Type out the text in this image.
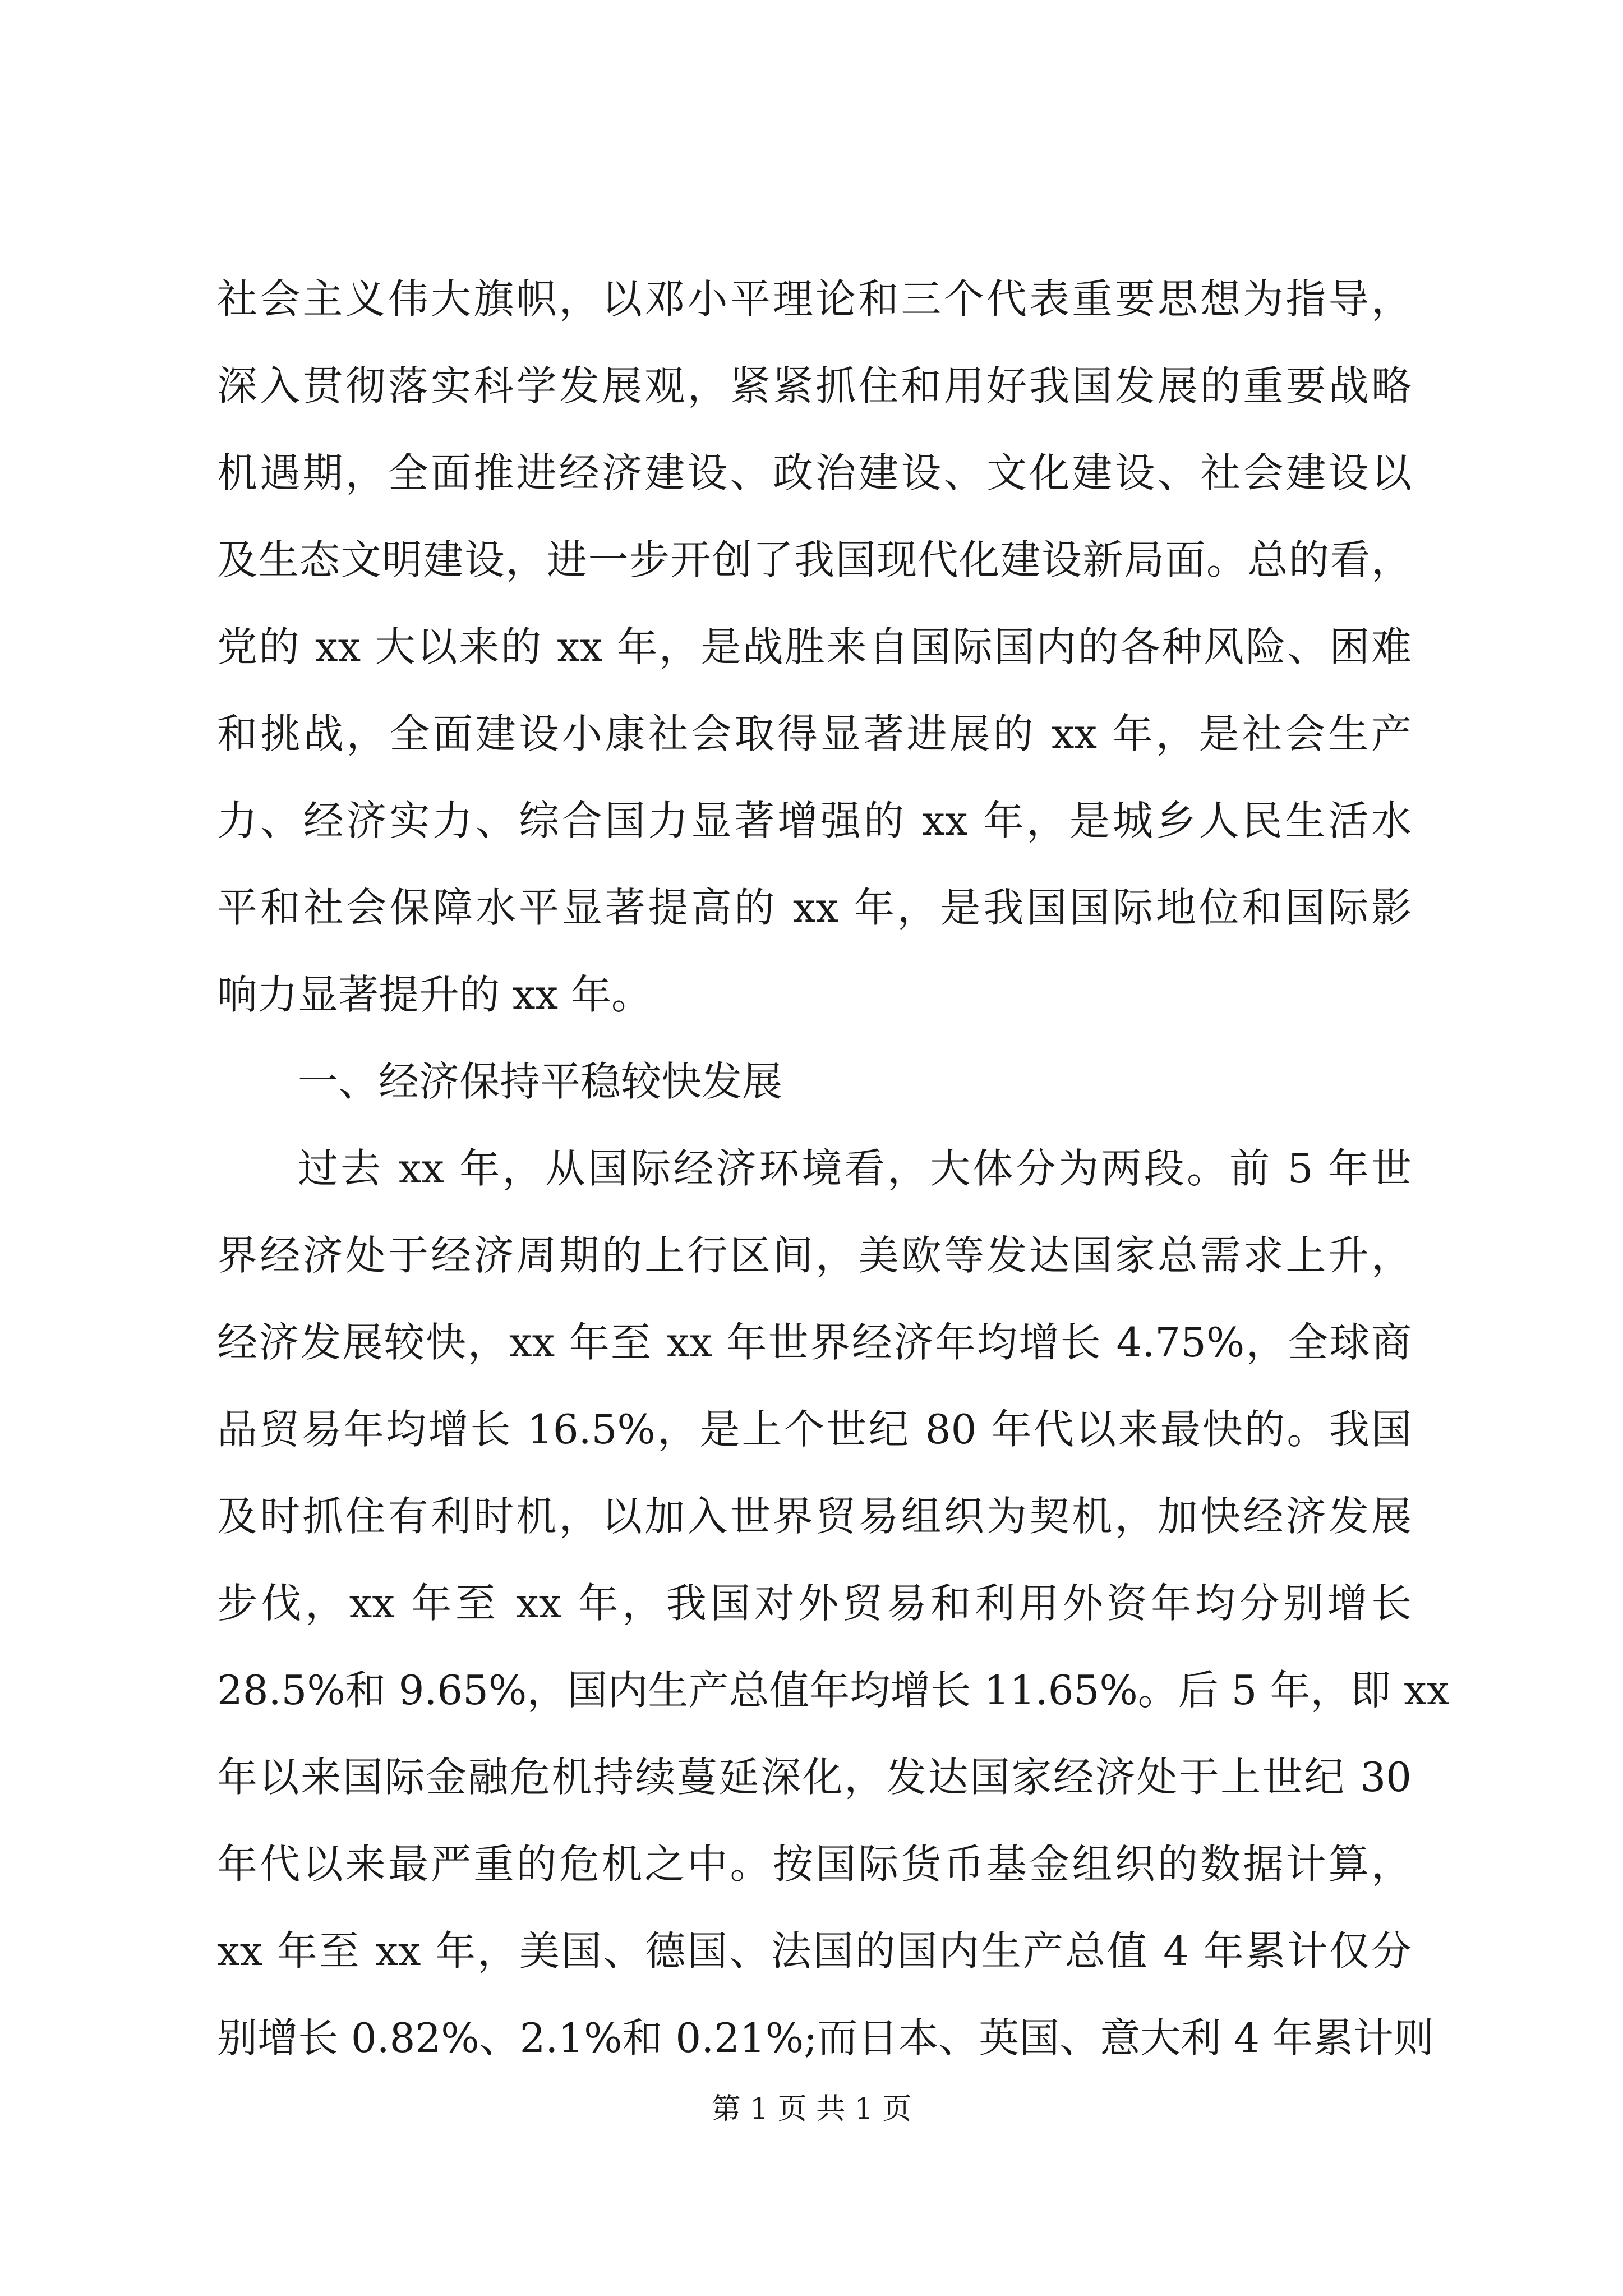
社会主义伟大旗帜，以邓小平理论和三个代表重要思想为指导，
深入贯彻落实科学发展观，紧紧抓住和用好我国发展的重要战略
机遇期，全面推进经济建设、政治建设、文化建设、社会建设以
及生态文明建设，进一步开创了我国现代化建设新局面。总的看，
党的 xx 大以来的 xx 年，是战胜来自国际国内的各种风险、困难
和挑战，全面建设小康社会取得显著进展的 xx 年，是社会生产
力、经济实力、综合国力显著增强的 xx 年，是城乡人民生活水
平和社会保障水平显著提高的 xx 年，是我国国际地位和国际影
响力显著提升的 xx 年。
一、经济保持平稳较快发展
过去 xx 年，从国际经济环境看，大体分为两段。前 5 年世
界经济处于经济周期的上行区间，美欧等发达国家总需求上升，
经济发展较快，xx 年至 xx 年世界经济年均增长 4.75%，全球商
品贸易年均增长 16.5%，是上个世纪 80 年代以来最快的。我国
及时抓住有利时机，以加入世界贸易组织为契机，加快经济发展
步伐，xx 年至 xx 年，我国对外贸易和利用外资年均分别增长
28.5%和 9.65%，国内生产总值年均增长 11.65%。后 5 年，即 xx
年以来国际金融危机持续蔓延深化，发达国家经济处于上世纪 30
年代以来最严重的危机之中。按国际货币基金组织的数据计算，
xx 年至 xx 年，美国、德国、法国的国内生产总值 4 年累计仅分
别增长 0.82%、2.1%和 0.21%;而日本、英国、意大利 4 年累计则
第 1 页 共 1 页
